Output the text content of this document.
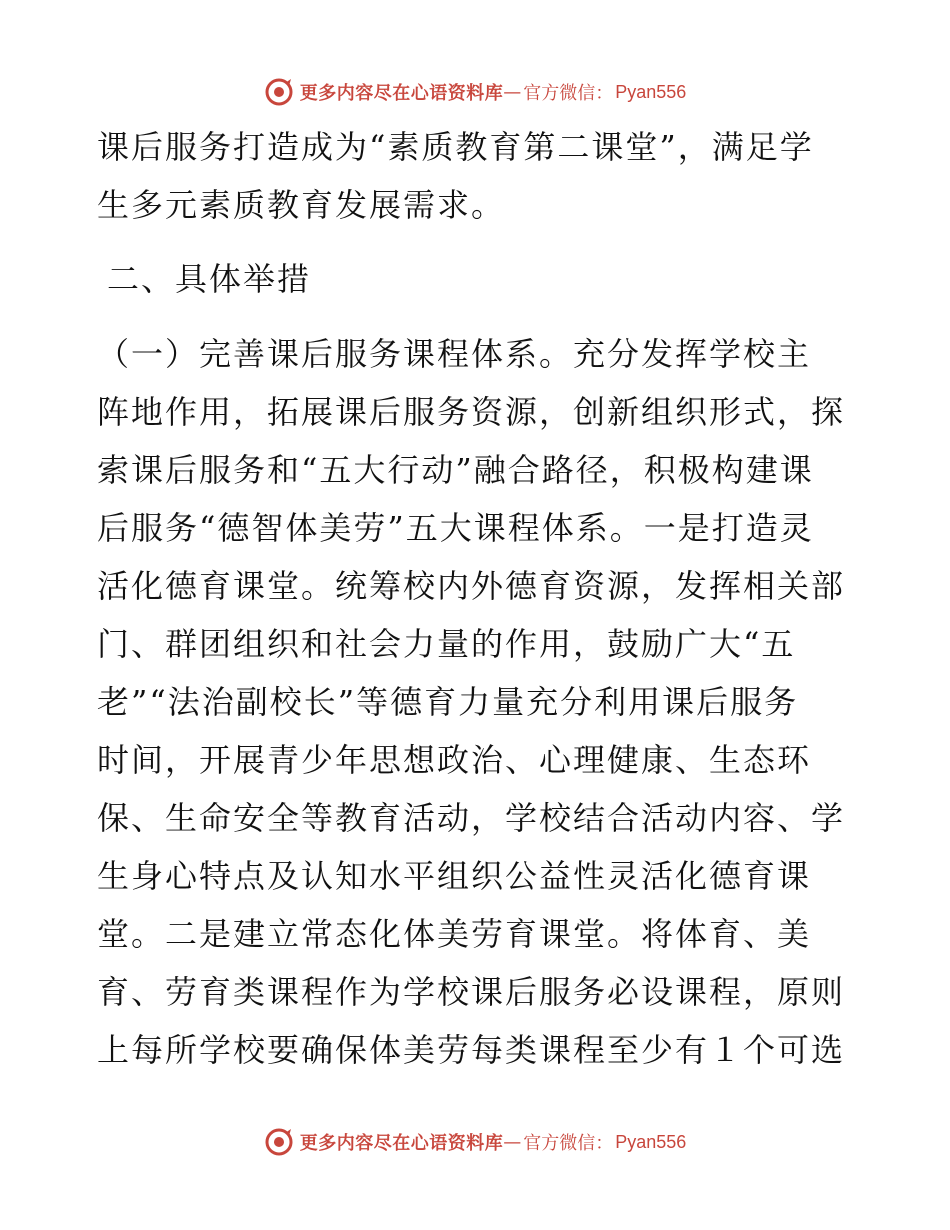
更多内容尽在心语资料库 — 官方微信： Pyan556
课后服务打造成为“素质教育第二课堂”，满足学
生多元素质教育发展需求。
二、具体举措
（一）完善课后服务课程体系。充分发挥学校主
阵地作用，拓展课后服务资源，创新组织形式，探
索课后服务和“五大行动”融合路径，积极构建课
后服务“德智体美劳”五大课程体系。一是打造灵
活化德育课堂。统筹校内外德育资源，发挥相关部
门、群团组织和社会力量的作用，鼓励广大“五
老”“法治副校长”等德育力量充分利用课后服务
时间，开展青少年思想政治、心理健康、生态环
保、生命安全等教育活动，学校结合活动内容、学
生身心特点及认知水平组织公益性灵活化德育课
堂。二是建立常态化体美劳育课堂。将体育、美
育、劳育类课程作为学校课后服务必设课程，原则
上每所学校要确保体美劳每类课程至少有１个可选
更多内容尽在心语资料库 — 官方微信： Pyan556
